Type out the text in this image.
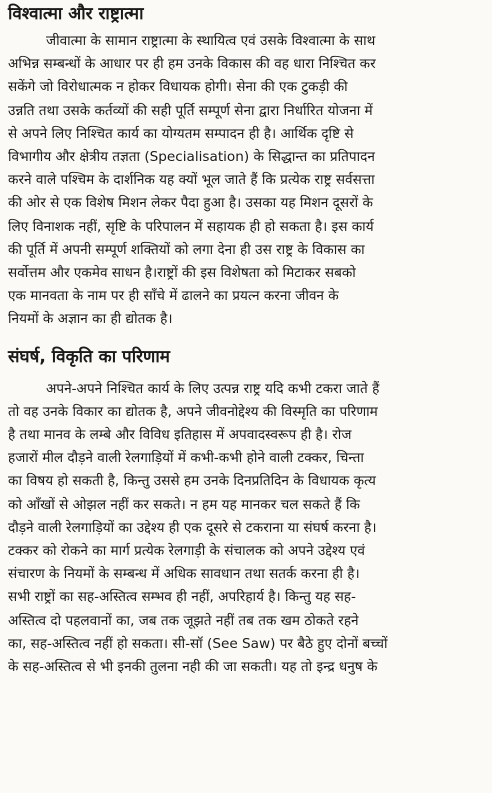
विश्वात्मा और राष्ट्रात्मा
जीवात्मा के सामान राष्ट्रात्मा के स्थायित्व एवं उसके विश्वात्मा के साथ
अभिन्न सम्बन्धों के आधार पर ही हम उनके विकास की वह धारा निश्चित कर
सकेंगे जो विरोधात्मक न होकर विधायक होगी। सेना की एक टुकड़ी की
उन्नति तथा उसके कर्तव्यों की सही पूर्ति सम्पूर्ण सेना द्वारा निर्धारित योजना में
से अपने लिए निश्चित कार्य का योग्यतम सम्पादन ही है। आर्थिक दृष्टि से
विभागीय और क्षेत्रीय तज्ञता (Specialisation) के सिद्धान्त का प्रतिपादन
करने वाले पश्चिम के दार्शनिक यह क्यों भूल जाते हैं कि प्रत्येक राष्ट्र सर्वसत्ता
की ओर से एक विशेष मिशन लेकर पैदा हुआ है। उसका यह मिशन दूसरों के
लिए विनाशक नहीं, सृष्टि के परिपालन में सहायक ही हो सकता है। इस कार्य
की पूर्ति में अपनी सम्पूर्ण शक्तियों को लगा देना ही उस राष्ट्र के विकास का
सर्वोत्तम और एकमेव साधन है।राष्ट्रों की इस विशेषता को मिटाकर सबको
एक मानवता के नाम पर ही साँचे में ढालने का प्रयत्न करना जीवन के
नियमों के अज्ञान का ही द्योतक है।
संघर्ष, विकृति का परिणाम
अपने-अपने निश्चित कार्य के लिए उत्पन्न राष्ट्र यदि कभी टकरा जाते हैं
तो वह उनके विकार का द्योतक है, अपने जीवनोद्देश्य की विस्मृति का परिणाम
है तथा मानव के लम्बे और विविध इतिहास में अपवादस्वरूप ही है। रोज
हजारों मील दौड़ने वाली रेलगाड़ियों में कभी-कभी होने वाली टक्कर, चिन्ता
का विषय हो सकती है, किन्तु उससे हम उनके दिनप्रतिदिन के विधायक कृत्य
को आँखों से ओझल नहीं कर सकते। न हम यह मानकर चल सकते हैं कि
दौड़ने वाली रेलगाड़ियों का उद्देश्य ही एक दूसरे से टकराना या संघर्ष करना है।
टक्कर को रोकने का मार्ग प्रत्येक रेलगाड़ी के संचालक को अपने उद्देश्य एवं
संचारण के नियमों के सम्बन्ध में अधिक सावधान तथा सतर्क करना ही है।
सभी राष्ट्रों का सह-अस्तित्व सम्भव ही नहीं, अपरिहार्य है। किन्तु यह सह-
अस्तित्व दो पहलवानों का, जब तक जूझते नहीं तब तक खम ठोकते रहने
का, सह-अस्तित्व नहीं हो सकता। सी-सॉ (See Saw) पर बैठे हुए दोनों बच्चों
के सह-अस्तित्व से भी इनकी तुलना नही की जा सकती। यह तो इन्द्र धनुष के
